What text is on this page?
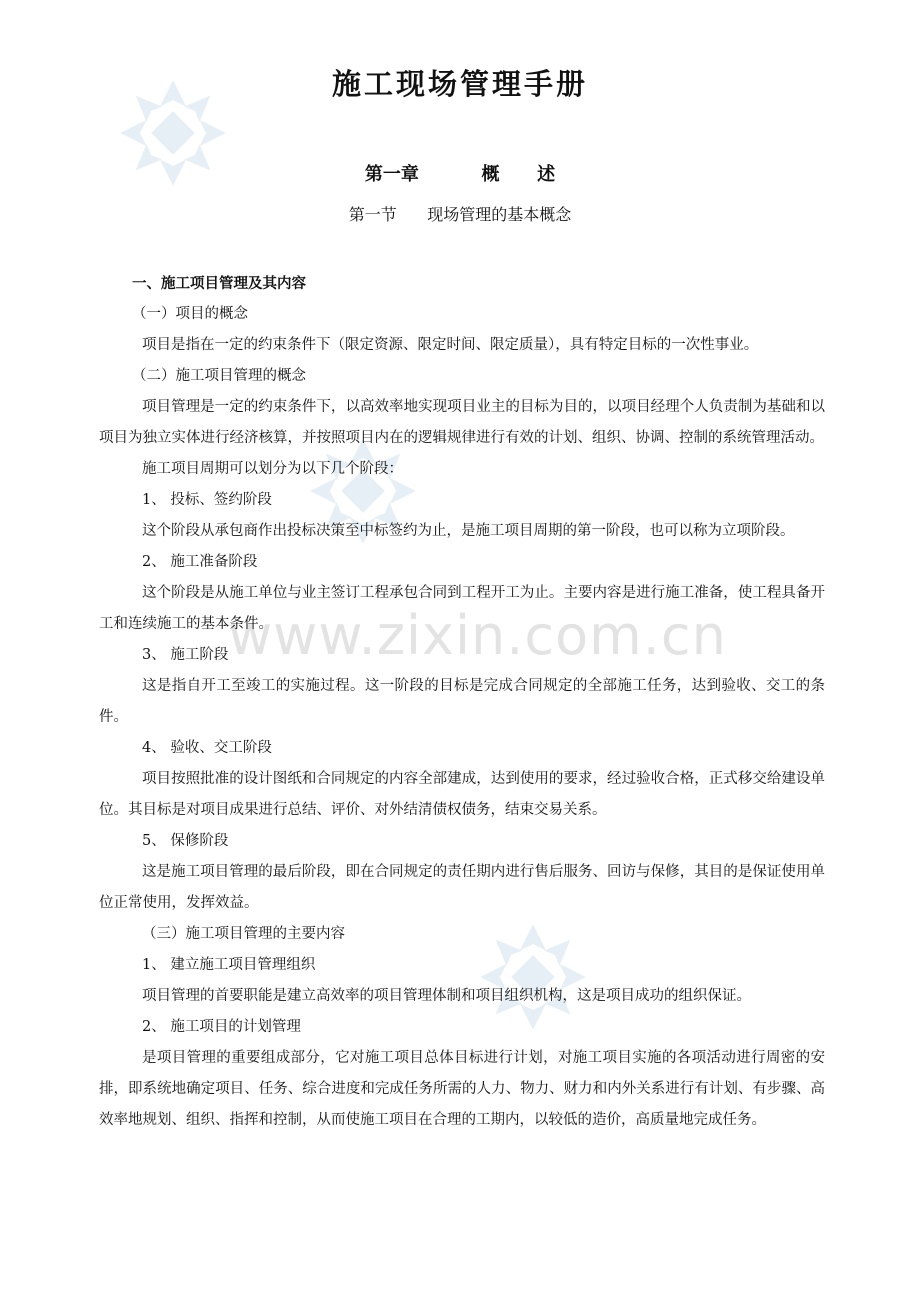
www.zixin.com.cn
施工现场管理手册
第一章          概      述
第一节      现场管理的基本概念

一、施工项目管理及其内容

（一）项目的概念

项目是指在一定的约束条件下（限定资源、限定时间、限定质量），具有特定目标的一次性事业。

（二）施工项目管理的概念

项目管理是一定的约束条件下，以高效率地实现项目业主的目标为目的，以项目经理个人负责制为基础和以项目为独立实体进行经济核算，并按照项目内在的逻辑规律进行有效的计划、组织、协调、控制的系统管理活动。

施工项目周期可以划分为以下几个阶段：

1、 投标、签约阶段

这个阶段从承包商作出投标决策至中标签约为止，是施工项目周期的第一阶段，也可以称为立项阶段。

2、 施工准备阶段

这个阶段是从施工单位与业主签订工程承包合同到工程开工为止。主要内容是进行施工准备，使工程具备开工和连续施工的基本条件。

3、 施工阶段

这是指自开工至竣工的实施过程。这一阶段的目标是完成合同规定的全部施工任务，达到验收、交工的条件。

4、 验收、交工阶段

项目按照批准的设计图纸和合同规定的内容全部建成，达到使用的要求，经过验收合格，正式移交给建设单位。其目标是对项目成果进行总结、评价、对外结清债权债务，结束交易关系。

5、 保修阶段

这是施工项目管理的最后阶段，即在合同规定的责任期内进行售后服务、回访与保修，其目的是保证使用单位正常使用，发挥效益。

（三）施工项目管理的主要内容

1、 建立施工项目管理组织

项目管理的首要职能是建立高效率的项目管理体制和项目组织机构，这是项目成功的组织保证。

2、 施工项目的计划管理

是项目管理的重要组成部分，它对施工项目总体目标进行计划，对施工项目实施的各项活动进行周密的安排，即系统地确定项目、任务、综合进度和完成任务所需的人力、物力、财力和内外关系进行有计划、有步骤、高效率地规划、组织、指挥和控制，从而使施工项目在合理的工期内，以较低的造价，高质量地完成任务。
